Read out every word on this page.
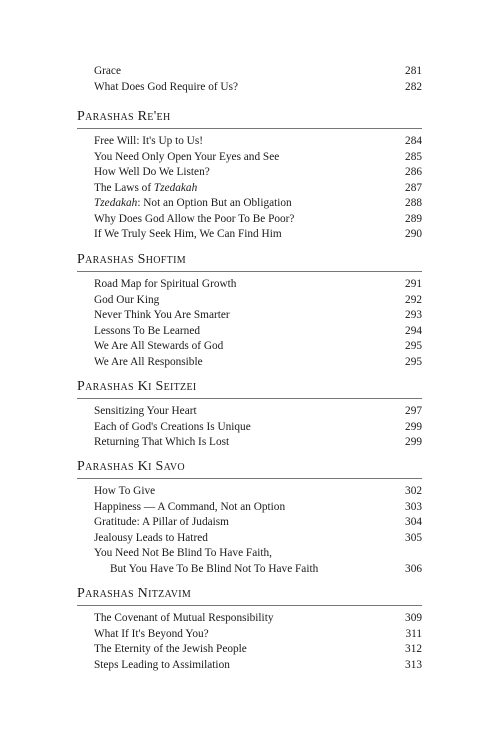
Grace	281
What Does God Require of Us?	282
Parashas Re'eh
Free Will: It's Up to Us!	284
You Need Only Open Your Eyes and See	285
How Well Do We Listen?	286
The Laws of Tzedakah	287
Tzedakah: Not an Option But an Obligation	288
Why Does God Allow the Poor To Be Poor?	289
If We Truly Seek Him, We Can Find Him	290
Parashas Shoftim
Road Map for Spiritual Growth	291
God Our King	292
Never Think You Are Smarter	293
Lessons To Be Learned	294
We Are All Stewards of God	295
We Are All Responsible	295
Parashas Ki Seitzei
Sensitizing Your Heart	297
Each of God's Creations Is Unique	299
Returning That Which Is Lost	299
Parashas Ki Savo
How To Give	302
Happiness — A Command, Not an Option	303
Gratitude: A Pillar of Judaism	304
Jealousy Leads to Hatred	305
You Need Not Be Blind To Have Faith,
But You Have To Be Blind Not To Have Faith	306
Parashas Nitzavim
The Covenant of Mutual Responsibility	309
What If It's Beyond You?	311
The Eternity of the Jewish People	312
Steps Leading to Assimilation	313
